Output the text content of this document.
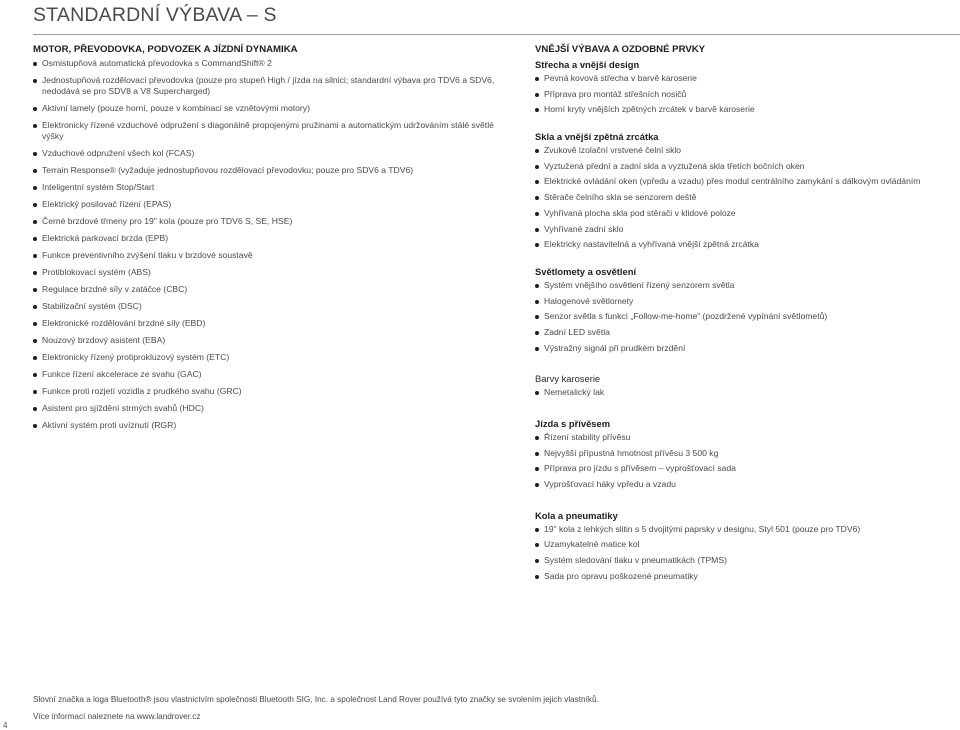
STANDARDNÍ VÝBAVA – S
MOTOR, PŘEVODOVKA, PODVOZEK A JÍZDNÍ DYNAMIKA
Osmistupňová automatická převodovka s CommandShift® 2
Jednostupňová rozdělovací převodovka (pouze pro stupeň High / jízda na silnici; standardní výbava pro TDV6 a SDV6, nedodává se pro SDV8 a V8 Supercharged)
Aktivní lamely (pouze horní, pouze v kombinaci se vznětovými motory)
Elektronicky řízené vzduchové odpružení s diagonálně propojenými pružinami a automatickým udržováním stálé světlé výšky
Vzduchové odpružení všech kol (FCAS)
Terrain Response® (vyžaduje jednostupňovou rozdělovací převodovku; pouze pro SDV6 a TDV6)
Inteligentní systém Stop/Start
Elektrický posilovač řízení (EPAS)
Černé brzdové třmeny pro 19" kola (pouze pro TDV6 S, SE, HSE)
Elektrická parkovací brzda (EPB)
Funkce preventivního zvýšení tlaku v brzdové soustavě
Protiblokovací systém (ABS)
Regulace brzdné síly v zatáčce (CBC)
Stabilizační systém (DSC)
Elektronické rozdělování brzdné síly (EBD)
Nouzový brzdový asistent (EBA)
Elektronicky řízený protiprokluzový systém (ETC)
Funkce řízení akcelerace ze svahu (GAC)
Funkce proti rozjetí vozidla z prudkého svahu (GRC)
Asistent pro sjíždění strmých svahů (HDC)
Aktivní systém proti uvíznutí (RGR)
VNĚJŠÍ VÝBAVA A OZDOBNÉ PRVKY
Střecha a vnější design
Pevná kovová střecha v barvě karoserie
Příprava pro montáž střešních nosičů
Horní kryty vnějších zpětných zrcátek v barvě karoserie
Skla a vnější zpětná zrcátka
Zvukově izolační vrstvené čelní sklo
Vyztužená přední a zadní skla a vyztužená skla třetích bočních oken
Elektrické ovládání oken (vpředu a vzadu) přes modul centrálního zamykání s dálkovým ovládáním
Stěrače čelního skla se senzorem deště
Vyhřívaná plocha skla pod stěrači v klidové poloze
Vyhřívané zadní sklo
Elektricky nastavitelná a vyhřívaná vnější zpětná zrcátka
Světlomety a osvětlení
Systém vnějšího osvětlení řízený senzorem světla
Halogenové světlomety
Senzor světla s funkcí „Follow-me-home“ (pozdržené vypínání světlometů)
Zadní LED světla
Výstražný signál při prudkém brzdění
Barvy karoserie
Nemetalický lak
Jízda s přívěsem
Řízení stability přívěsu
Nejvyšší přípustná hmotnost přívěsu 3 500 kg
Příprava pro jízdu s přívěsem – vyprošťovací sada
Vyprošťovací háky vpředu a vzadu
Kola a pneumatiky
19" kola z lehkých slitin s 5 dvojitými paprsky v designu, Styl 501 (pouze pro TDV6)
Uzamykatelné matice kol
Systém sledování tlaku v pneumatikách (TPMS)
Sada pro opravu poškozené pneumatiky

Slovní značka a loga Bluetooth® jsou vlastnictvím společnosti Bluetooth SIG, Inc. a společnost Land Rover používá tyto značky se svolením jejich vlastníků.

Více informací naleznete na www.landrover.cz

4
